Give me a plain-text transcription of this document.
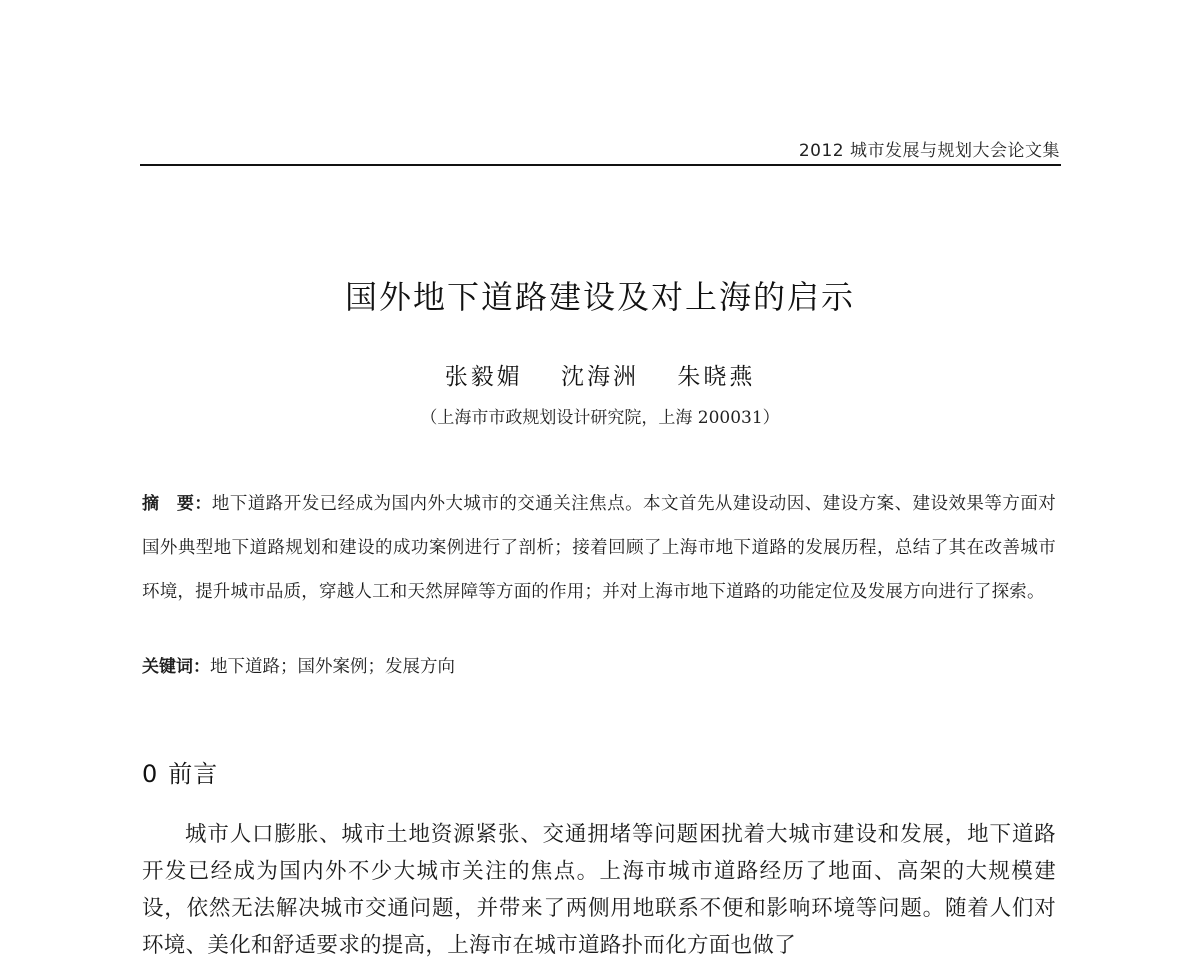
2012 城市发展与规划大会论文集
国外地下道路建设及对上海的启示
张毅媚 沈海洲 朱晓燕
（上海市市政规划设计研究院，上海 200031）
摘　要：地下道路开发已经成为国内外大城市的交通关注焦点。本文首先从建设动因、建设方案、建设效果等方面对国外典型地下道路规划和建设的成功案例进行了剖析；接着回顾了上海市地下道路的发展历程，总结了其在改善城市环境，提升城市品质，穿越人工和天然屏障等方面的作用；并对上海市地下道路的功能定位及发展方向进行了探索。
关键词：地下道路；国外案例；发展方向
0 前言

城市人口膨胀、城市土地资源紧张、交通拥堵等问题困扰着大城市建设和发展，地下道路开发已经成为国内外不少大城市关注的焦点。上海市城市道路经历了地面、高架的大规模建设，依然无法解决城市交通问题，并带来了两侧用地联系不便和影响环境等问题。随着人们对环境、美化和舒适要求的提高，上海市在城市道路扑而化方面也做了
